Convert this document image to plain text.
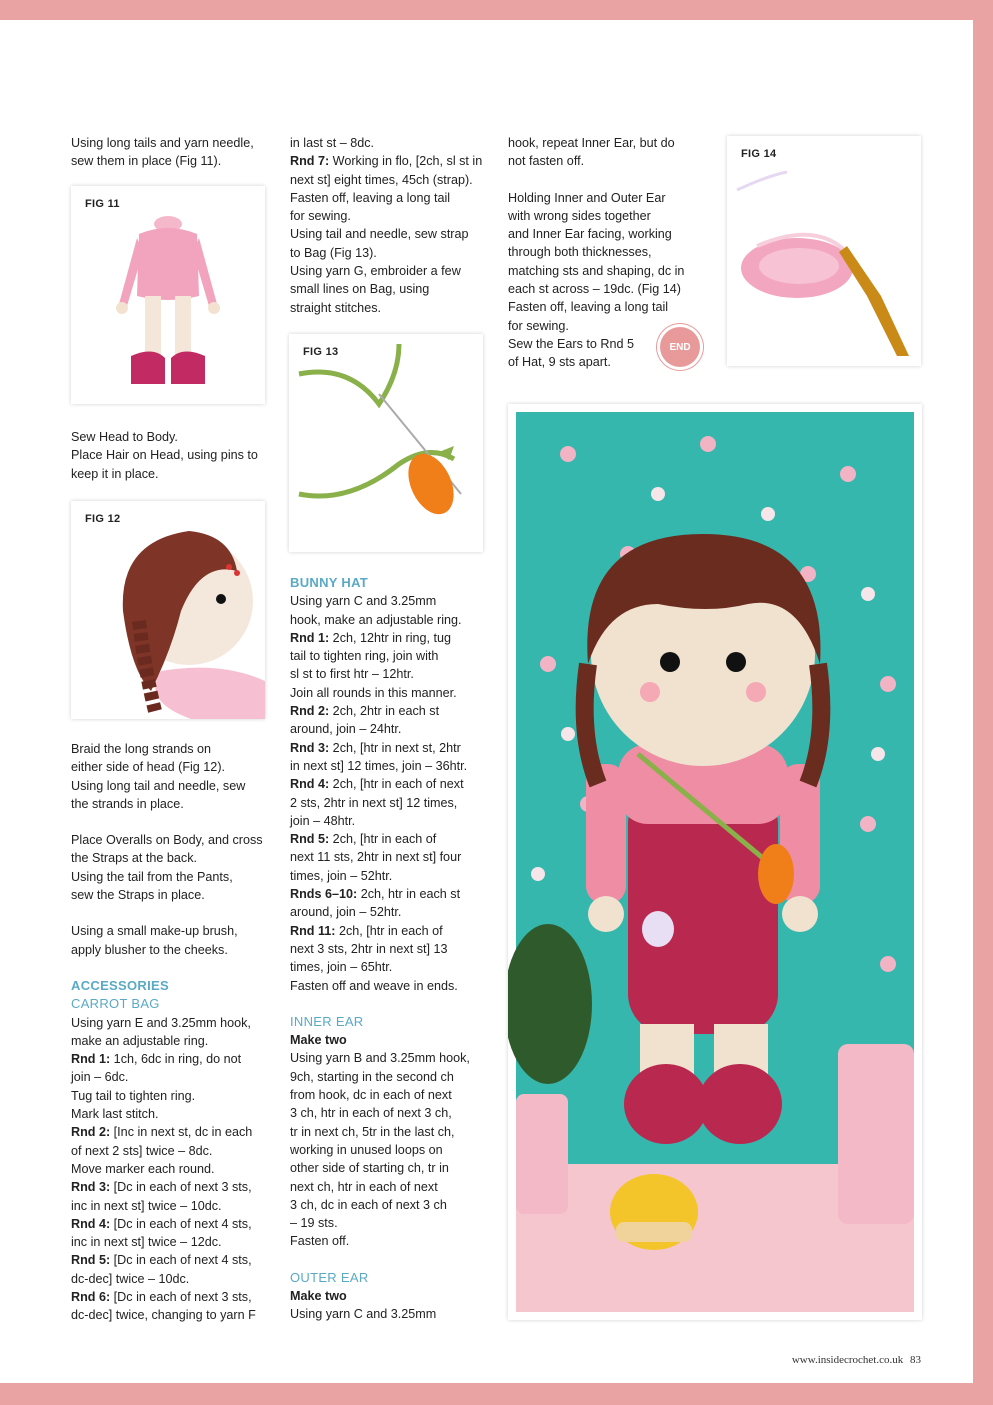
Using long tails and yarn needle,

sew them in place (Fig 11).

FIG 11

Sew Head to Body.

Place Hair on Head, using pins to

keep it in place.

FIG 12

Braid the long strands on

either side of head (Fig 12).

Using long tail and needle, sew

the strands in place.

Place Overalls on Body, and cross

the Straps at the back.

Using the tail from the Pants,

sew the Straps in place.

Using a small make-up brush,

apply blusher to the cheeks.

ACCESSORIES

CARROT BAG

Using yarn E and 3.25mm hook,

make an adjustable ring.

Rnd 1: 1ch, 6dc in ring, do not

join – 6dc.

Tug tail to tighten ring.

Mark last stitch.

Rnd 2: [Inc in next st, dc in each

of next 2 sts] twice – 8dc.

Move marker each round.

Rnd 3: [Dc in each of next 3 sts,

inc in next st] twice – 10dc.

Rnd 4: [Dc in each of next 4 sts,

inc in next st] twice – 12dc.

Rnd 5: [Dc in each of next 4 sts,

dc-dec] twice – 10dc.

Rnd 6: [Dc in each of next 3 sts,

dc-dec] twice, changing to yarn F

in last st – 8dc.

Rnd 7: Working in flo, [2ch, sl st in

next st] eight times, 45ch (strap).

Fasten off, leaving a long tail

for sewing.

Using tail and needle, sew strap

to Bag (Fig 13).

Using yarn G, embroider a few

small lines on Bag, using

straight stitches.

FIG 13

BUNNY HAT

Using yarn C and 3.25mm

hook, make an adjustable ring.

Rnd 1: 2ch, 12htr in ring, tug

tail to tighten ring, join with

sl st to first htr – 12htr.

Join all rounds in this manner.

Rnd 2: 2ch, 2htr in each st

around, join – 24htr.

Rnd 3: 2ch, [htr in next st, 2htr

in next st] 12 times, join – 36htr.

Rnd 4: 2ch, [htr in each of next

2 sts, 2htr in next st] 12 times,

join – 48htr.

Rnd 5: 2ch, [htr in each of

next 11 sts, 2htr in next st] four

times, join – 52htr.

Rnds 6–10: 2ch, htr in each st

around, join – 52htr.

Rnd 11: 2ch, [htr in each of

next 3 sts, 2htr in next st] 13

times, join – 65htr.

Fasten off and weave in ends.

INNER EAR

Make two

Using yarn B and 3.25mm hook,

9ch, starting in the second ch

from hook, dc in each of next

3 ch, htr in each of next 3 ch,

tr in next ch, 5tr in the last ch,

working in unused loops on

other side of starting ch, tr in

next ch, htr in each of next

3 ch, dc in each of next 3 ch

– 19 sts.

Fasten off.

OUTER EAR

Make two

Using yarn C and 3.25mm

hook, repeat Inner Ear, but do

not fasten off.

Holding Inner and Outer Ear

with wrong sides together

and Inner Ear facing, working

through both thicknesses,

matching sts and shaping, dc in

each st across – 19dc. (Fig 14)

Fasten off, leaving a long tail

for sewing.

Sew the Ears to Rnd 5

of Hat, 9 sts apart.

END
FIG 14
www.insidecrochet.co.uk 83
